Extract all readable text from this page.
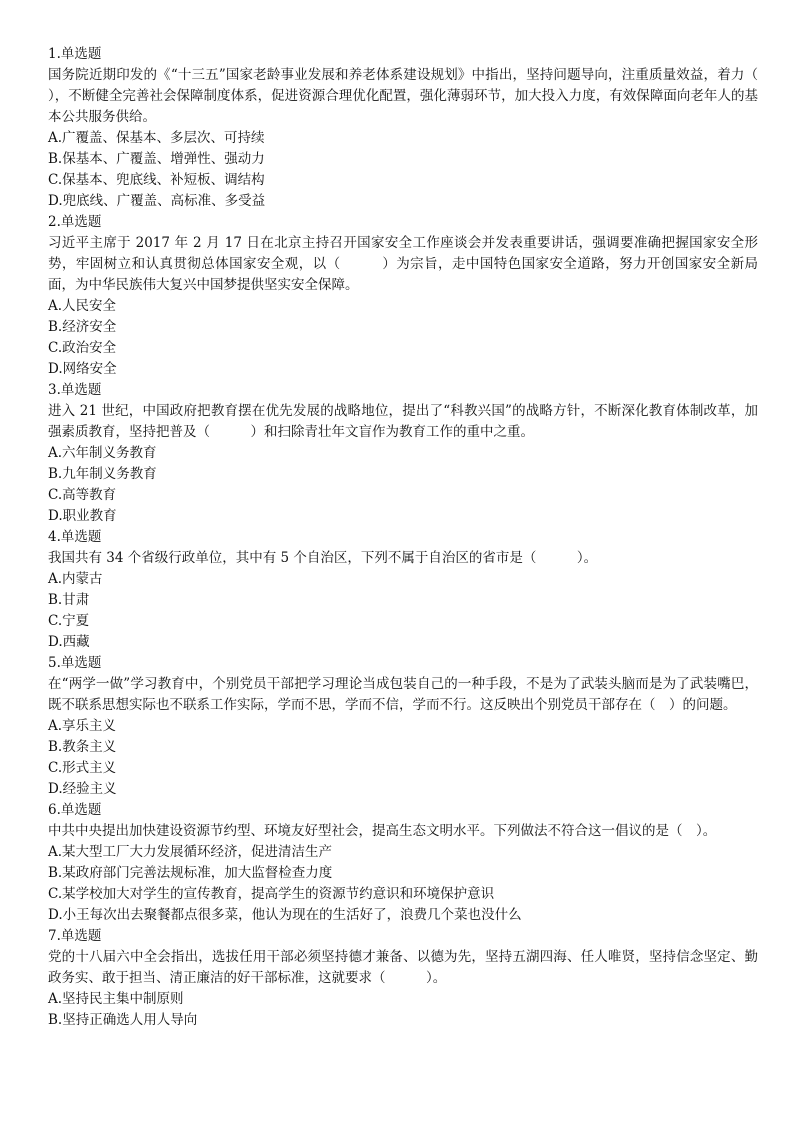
1.单选题
国务院近期印发的《“十三五”国家老龄事业发展和养老体系建设规划》中指出，坚持问题导向，注重质量效益，着力（　　　），不断健全完善社会保障制度体系，促进资源合理优化配置，强化薄弱环节，加大投入力度，有效保障面向老年人的基本公共服务供给。
A.广覆盖、保基本、多层次、可持续
B.保基本、广覆盖、增弹性、强动力
C.保基本、兜底线、补短板、调结构
D.兜底线、广覆盖、高标准、多受益
2.单选题
习近平主席于 2017 年 2 月 17 日在北京主持召开国家安全工作座谈会并发表重要讲话，强调要准确把握国家安全形势，牢固树立和认真贯彻总体国家安全观，以（　　　）为宗旨，走中国特色国家安全道路，努力开创国家安全新局面，为中华民族伟大复兴中国梦提供坚实安全保障。
A.人民安全
B.经济安全
C.政治安全
D.网络安全
3.单选题
进入 21 世纪，中国政府把教育摆在优先发展的战略地位，提出了“科教兴国”的战略方针，不断深化教育体制改革，加强素质教育，坚持把普及（　　　）和扫除青壮年文盲作为教育工作的重中之重。
A.六年制义务教育
B.九年制义务教育
C.高等教育
D.职业教育
4.单选题
我国共有 34 个省级行政单位，其中有 5 个自治区，下列不属于自治区的省市是（　　　）。
A.内蒙古
B.甘肃
C.宁夏
D.西藏
5.单选题
在“两学一做”学习教育中，个别党员干部把学习理论当成包装自己的一种手段，不是为了武装头脑而是为了武装嘴巴，既不联系思想实际也不联系工作实际，学而不思，学而不信，学而不行。这反映出个别党员干部存在（　）的问题。
A.享乐主义
B.教条主义
C.形式主义
D.经验主义
6.单选题
中共中央提出加快建设资源节约型、环境友好型社会，提高生态文明水平。下列做法不符合这一倡议的是（　）。
A.某大型工厂大力发展循环经济，促进清洁生产
B.某政府部门完善法规标准，加大监督检查力度
C.某学校加大对学生的宣传教育，提高学生的资源节约意识和环境保护意识
D.小王每次出去聚餐都点很多菜，他认为现在的生活好了，浪费几个菜也没什么
7.单选题
党的十八届六中全会指出，选拔任用干部必须坚持德才兼备、以德为先，坚持五湖四海、任人唯贤，坚持信念坚定、勤政务实、敢于担当、清正廉洁的好干部标准，这就要求（　　　）。
A.坚持民主集中制原则
B.坚持正确选人用人导向
